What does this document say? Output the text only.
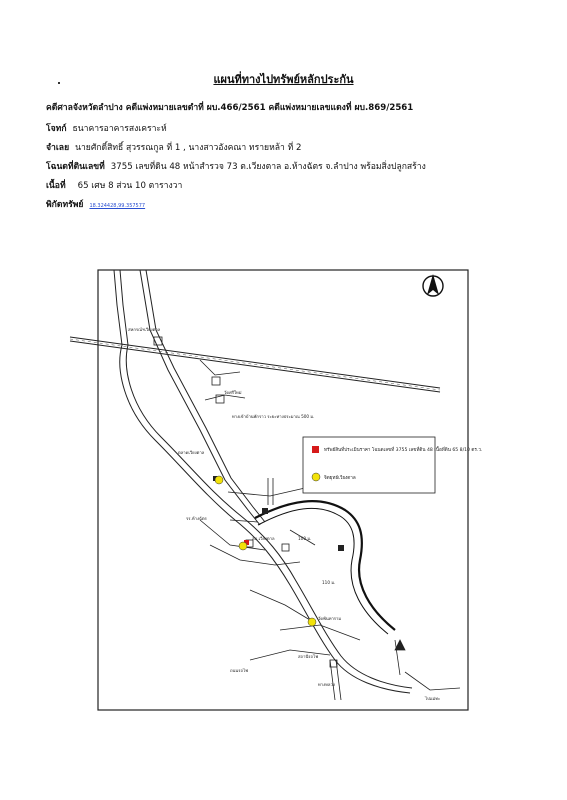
แผนที่ทางไปทรัพย์หลักประกัน
คดีศาลจังหวัดลำปาง คดีแพ่งหมายเลขดำที่ ผบ.466/2561 คดีแพ่งหมายเลขแดงที่ ผบ.869/2561
โจทก์ ธนาคารอาคารสงเคราะห์
จำเลย นายศักดิ์สิทธิ์ สุวรรณกูล ที่ 1 , นางสาวอังคณา ทรายหล้า ที่ 2
โฉนดที่ดินเลขที่ 3755 เลขที่ดิน 48 หน้าสำรวจ 73 ต.เวียงตาล อ.ห้างฉัตร จ.ลำปาง พร้อมสิ่งปลูกสร้าง
เนื้อที่ 65 เศษ 8 ส่วน 10 ตารางวา
พิกัดทรัพย์ 18.324428,99.357577
ทรัพย์สินที่ประเมินราคา โฉนดเลขที่ 3755 เลขที่ดิน 48 เนื้อที่ดิน 65 8/10 ตร.ว.
จิตยุทธ์เวียงตาล
สหกรณ์ฯเวียงตาล
วัดศรีใหม่
ทางเข้าบ้านพักราว ระยะทางประมาณ 500 ม.
ตลาดเวียงตาล
รร.ห้างฉัตร
สภ.เวียงตาล	100 ม.
110 ม.
วัดพันทาราม
สถานีรถไฟ
ทางหลวง
ไปแม่ทะ
ถนนรถไฟ
